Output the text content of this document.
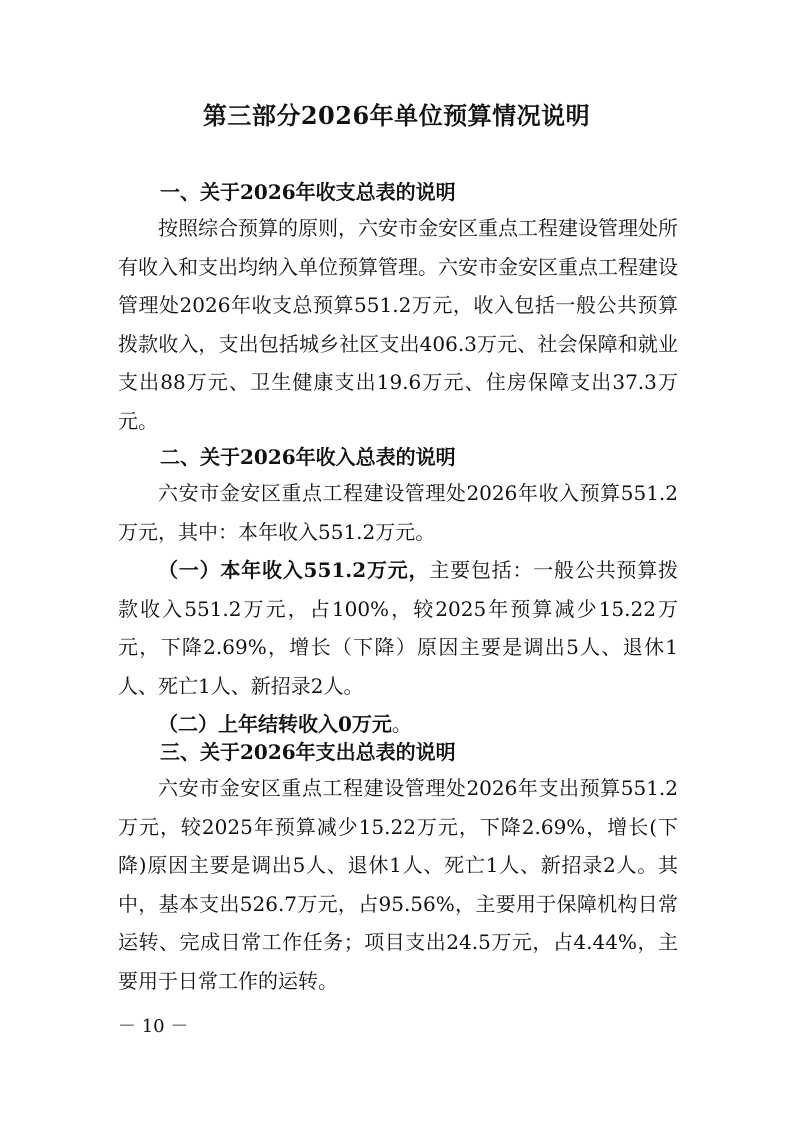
第三部分2026年单位预算情况说明
一、关于2026年收支总表的说明

按照综合预算的原则，六安市金安区重点工程建设管理处所有收入和支出均纳入单位预算管理。六安市金安区重点工程建设管理处2026年收支总预算551.2万元，收入包括一般公共预算拨款收入，支出包括城乡社区支出406.3万元、社会保障和就业支出88万元、卫生健康支出19.6万元、住房保障支出37.3万元。

二、关于2026年收入总表的说明

六安市金安区重点工程建设管理处2026年收入预算551.2万元，其中：本年收入551.2万元。

（一）本年收入551.2万元，主要包括：一般公共预算拨款收入551.2万元，占100%，较2025年预算减少15.22万元，下降2.69%，增长（下降）原因主要是调出5人、退休1人、死亡1人、新招录2人。

（二）上年结转收入0万元。

三、关于2026年支出总表的说明

六安市金安区重点工程建设管理处2026年支出预算551.2万元，较2025年预算减少15.22万元，下降2.69%，增长(下降)原因主要是调出5人、退休1人、死亡1人、新招录2人。其中，基本支出526.7万元，占95.56%，主要用于保障机构日常运转、完成日常工作任务；项目支出24.5万元，占4.44%，主要用于日常工作的运转。

－ 10 －
